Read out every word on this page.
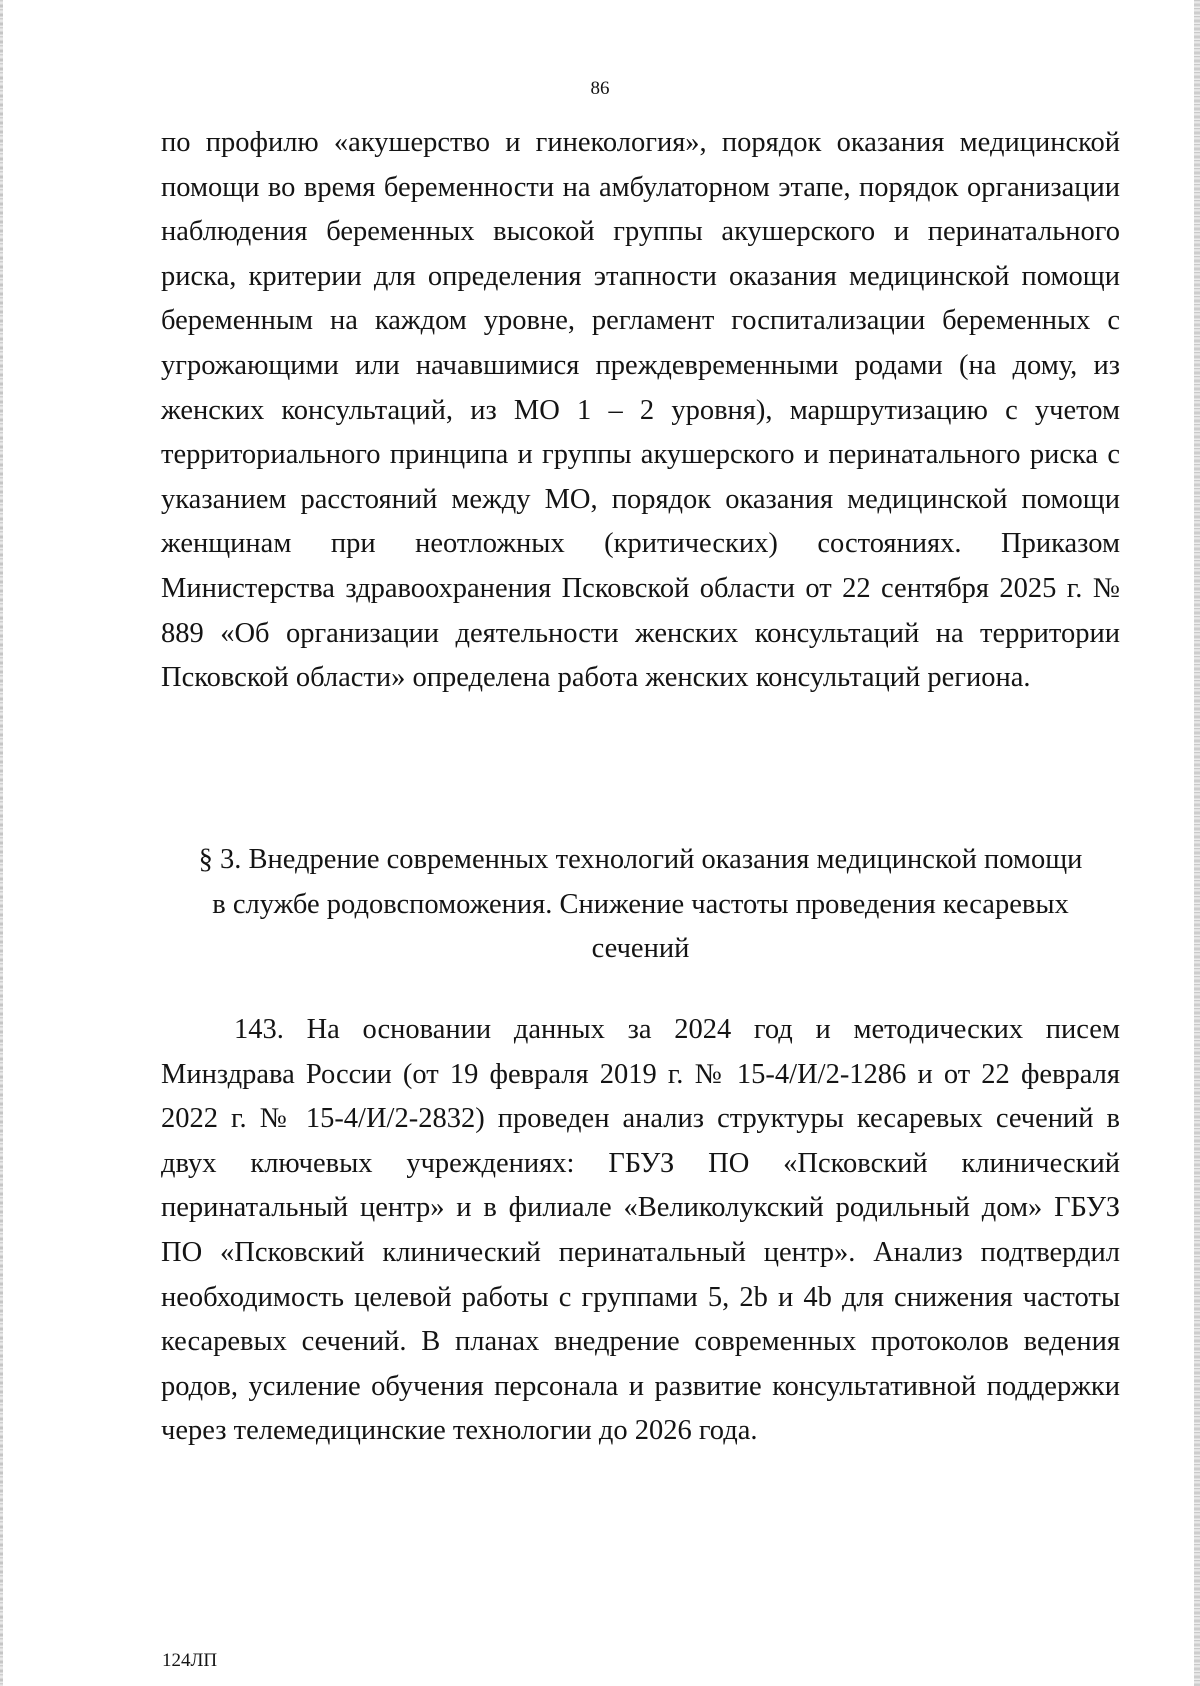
86

по профилю «акушерство и гинекология», порядок оказания медицинской помощи во время беременности на амбулаторном этапе, порядок организации наблюдения беременных высокой группы акушерского и перинатального риска, критерии для определения этапности оказания медицинской помощи беременным на каждом уровне, регламент госпитализации беременных с угрожающими или начавшимися преждевременными родами (на дому, из женских консультаций, из МО 1 – 2 уровня), маршрутизацию с учетом территориального принципа и группы акушерского и перинатального риска с указанием расстояний между МО, порядок оказания медицинской помощи женщинам при неотложных (критических) состояниях. Приказом Министерства здравоохранения Псковской области от 22 сентября 2025 г. № 889 «Об организации деятельности женских консультаций на территории Псковской области» определена работа женских консультаций региона.

§ 3. Внедрение современных технологий оказания медицинской помощи
в службе родовспоможения. Снижение частоты проведения кесаревых
сечений

143. На основании данных за 2024 год и методических писем Минздрава России (от 19 февраля 2019 г. № 15-4/И/2-1286 и от 22 февраля 2022 г. № 15-4/И/2-2832) проведен анализ структуры кесаревых сечений в двух ключевых учреждениях: ГБУЗ ПО «Псковский клинический перинатальный центр» и в филиале «Великолукский родильный дом» ГБУЗ ПО «Псковский клинический перинатальный центр». Анализ подтвердил необходимость целевой работы с группами 5, 2b и 4b для снижения частоты кесаревых сечений. В планах внедрение современных протоколов ведения родов, усиление обучения персонала и развитие консультативной поддержки через телемедицинские технологии до 2026 года.

124ЛП
